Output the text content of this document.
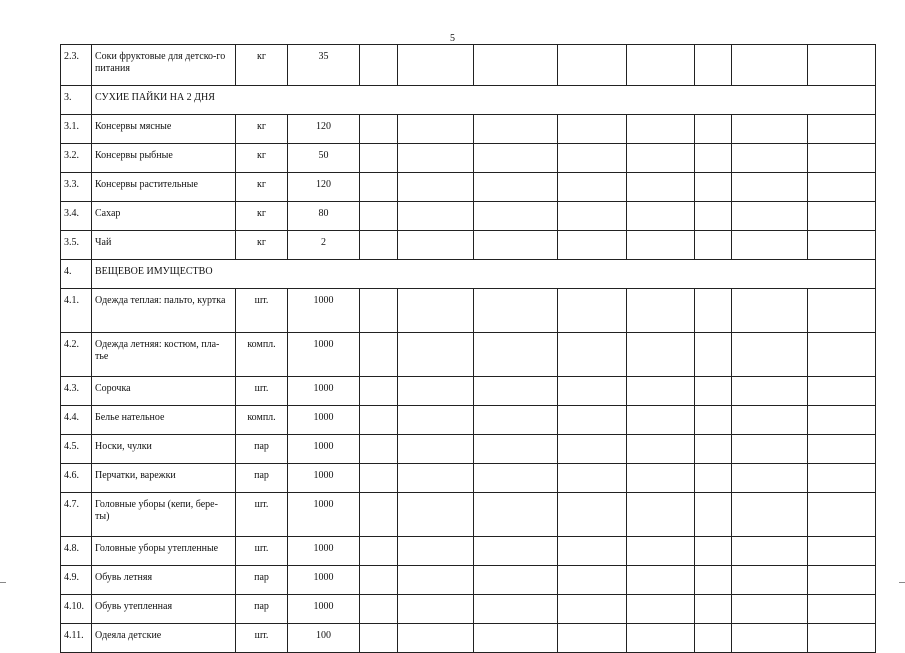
5
2.3.	Соки фруктовые для детско-го питания	кг	35								
3.	СУХИЕ ПАЙКИ НА 2 ДНЯ										
3.1.	Консервы мясные	кг	120								
3.2.	Консервы рыбные	кг	50								
3.3.	Консервы растительные	кг	120								
3.4.	Сахар	кг	80								
3.5.	Чай	кг	2								
4.	ВЕЩЕВОЕ ИМУЩЕСТВО										
4.1.	Одежда теплая: пальто, куртка	шт.	1000								
4.2.	Одежда летняя: костюм, пла-тье	компл.	1000								
4.3.	Сорочка	шт.	1000								
4.4.	Белье нательное	компл.	1000								
4.5.	Носки, чулки	пар	1000								
4.6.	Перчатки, варежки	пар	1000								
4.7.	Головные уборы (кепи, бере-ты)	шт.	1000								
4.8.	Головные уборы утепленные	шт.	1000								
4.9.	Обувь летняя	пар	1000								
4.10.	Обувь утепленная	пар	1000								
4.11.	Одеяла детские	шт.	100								
